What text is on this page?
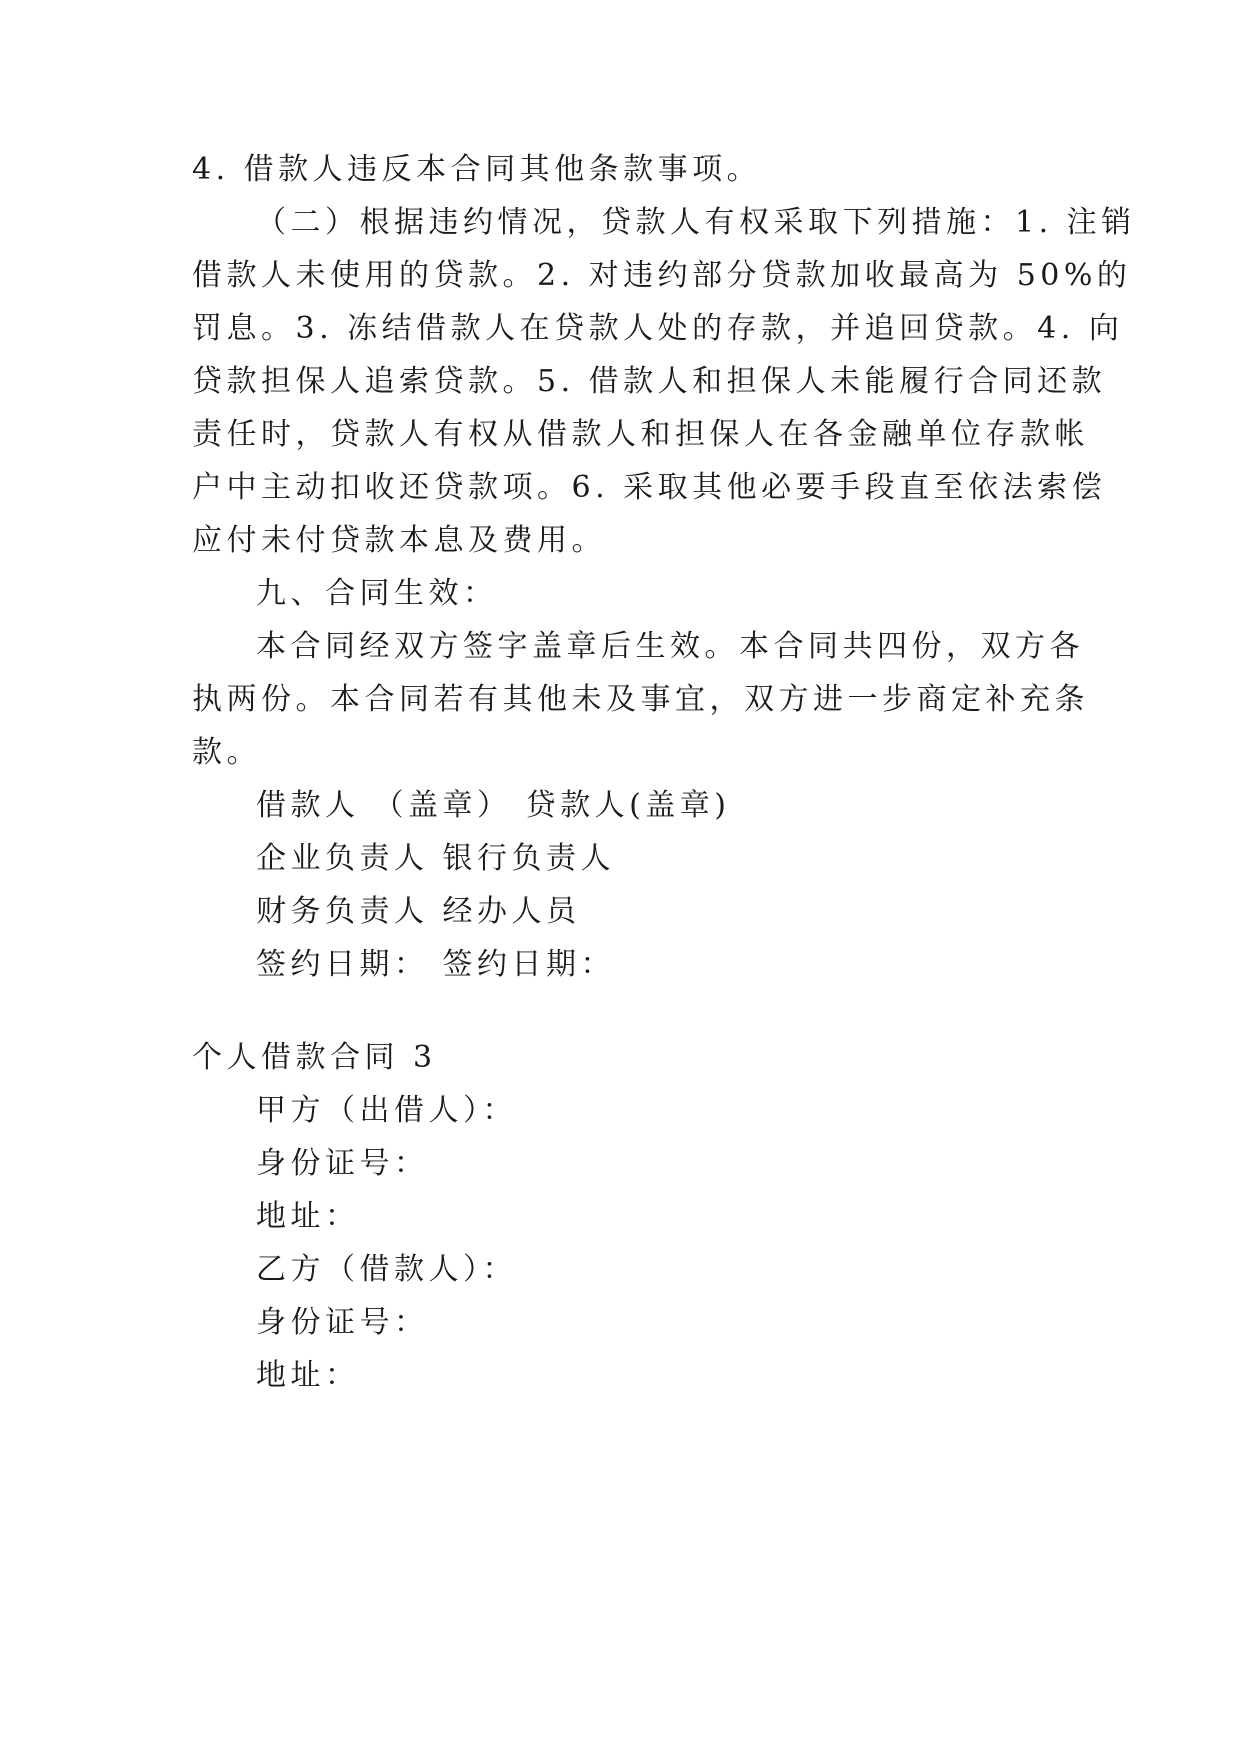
4. 借款人违反本合同其他条款事项。
（二）根据违约情况，贷款人有权采取下列措施：1. 注销
借款人未使用的贷款。2. 对违约部分贷款加收最高为 50%的
罚息。3. 冻结借款人在贷款人处的存款，并追回贷款。4. 向
贷款担保人追索贷款。5. 借款人和担保人未能履行合同还款
责任时，贷款人有权从借款人和担保人在各金融单位存款帐
户中主动扣收还贷款项。6. 采取其他必要手段直至依法索偿
应付未付贷款本息及费用。
九、合同生效：
本合同经双方签字盖章后生效。本合同共四份，双方各
执两份。本合同若有其他未及事宜，双方进一步商定补充条
款。
借款人 （盖章） 贷款人(盖章)
企业负责人 银行负责人
财务负责人 经办人员
签约日期： 签约日期：
个人借款合同 3
甲方（出借人）：
身份证号：
地址：
乙方（借款人）：
身份证号：
地址：
